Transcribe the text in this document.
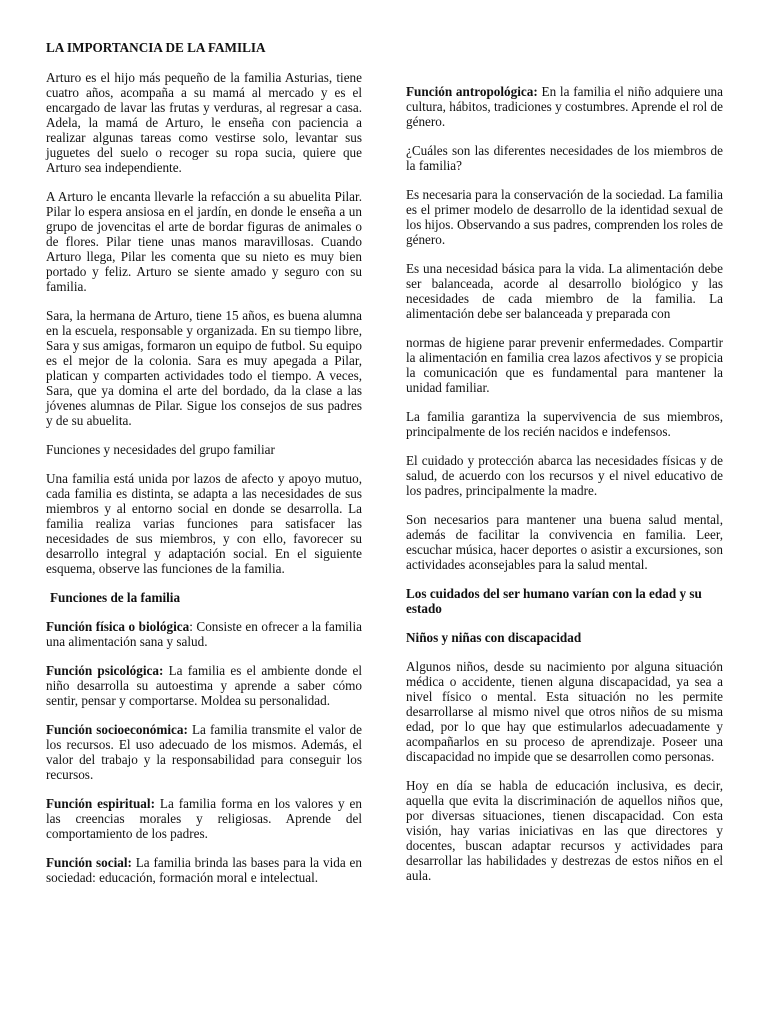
LA IMPORTANCIA DE LA FAMILIA

Arturo es el hijo más pequeño de la familia Asturias, tiene cuatro años, acompaña a su mamá al mercado y es el encargado de lavar las frutas y verduras, al regresar a casa. Adela, la mamá de Arturo, le enseña con paciencia a realizar algunas tareas como vestirse solo, levantar sus juguetes del suelo o recoger su ropa sucia, quiere que Arturo sea independiente.

A Arturo le encanta llevarle la refacción a su abuelita Pilar. Pilar lo espera ansiosa en el jardín, en donde le enseña a un grupo de jovencitas el arte de bordar figuras de animales o de flores. Pilar tiene unas manos maravillosas. Cuando Arturo llega, Pilar les comenta que su nieto es muy bien portado y feliz. Arturo se siente amado y seguro con su familia.

Sara, la hermana de Arturo, tiene 15 años, es buena alumna en la escuela, responsable y organizada. En su tiempo libre, Sara y sus amigas, formaron un equipo de futbol. Su equipo es el mejor de la colonia. Sara es muy apegada a Pilar, platican y comparten actividades todo el tiempo. A veces, Sara, que ya domina el arte del bordado, da la clase a las jóvenes alumnas de Pilar. Sigue los consejos de sus padres y de su abuelita.

Funciones y necesidades del grupo familiar

Una familia está unida por lazos de afecto y apoyo mutuo, cada familia es distinta, se adapta a las necesidades de sus miembros y al entorno social en donde se desarrolla. La familia realiza varias funciones para satisfacer las necesidades de sus miembros, y con ello, favorecer su desarrollo integral y adaptación social. En el siguiente esquema, observe las funciones de la familia.

Funciones de la familia

Función física o biológica: Consiste en ofrecer a la familia una alimentación sana y salud.

Función psicológica: La familia es el ambiente donde el niño desarrolla su autoestima y aprende a saber cómo sentir, pensar y comportarse. Moldea su personalidad.

Función socioeconómica: La familia transmite el valor de los recursos. El uso adecuado de los mismos. Además, el valor del trabajo y la responsabilidad para conseguir los recursos.

Función espiritual: La familia forma en los valores y en las creencias morales y religiosas. Aprende del comportamiento de los padres.

Función social: La familia brinda las bases para la vida en sociedad: educación, formación moral e intelectual.

Función antropológica: En la familia el niño adquiere una cultura, hábitos, tradiciones y costumbres. Aprende el rol de género.

¿Cuáles son las diferentes necesidades de los miembros de la familia?

Es necesaria para la conservación de la sociedad. La familia es el primer modelo de desarrollo de la identidad sexual de los hijos. Observando a sus padres, comprenden los roles de género.

Es una necesidad básica para la vida. La alimentación debe ser balanceada, acorde al desarrollo biológico y las necesidades de cada miembro de la familia. La alimentación debe ser balanceada y preparada con

normas de higiene parar prevenir enfermedades. Compartir la alimentación en familia crea lazos afectivos y se propicia la comunicación que es fundamental para mantener la unidad familiar.

La familia garantiza la supervivencia de sus miembros, principalmente de los recién nacidos e indefensos.

El cuidado y protección abarca las necesidades físicas y de salud, de acuerdo con los recursos y el nivel educativo de los padres, principalmente la madre.

Son necesarios para mantener una buena salud mental, además de facilitar la convivencia en familia. Leer, escuchar música, hacer deportes o asistir a excursiones, son actividades aconsejables para la salud mental.

Los cuidados del ser humano varían con la edad y su estado

Niños y niñas con discapacidad

Algunos niños, desde su nacimiento por alguna situación médica o accidente, tienen alguna discapacidad, ya sea a nivel físico o mental. Esta situación no les permite desarrollarse al mismo nivel que otros niños de su misma edad, por lo que hay que estimularlos adecuadamente y acompañarlos en su proceso de aprendizaje. Poseer una discapacidad no impide que se desarrollen como personas.

Hoy en día se habla de educación inclusiva, es decir, aquella que evita la discriminación de aquellos niños que, por diversas situaciones, tienen discapacidad. Con esta visión, hay varias iniciativas en las que directores y docentes, buscan adaptar recursos y actividades para desarrollar las habilidades y destrezas de estos niños en el aula.
